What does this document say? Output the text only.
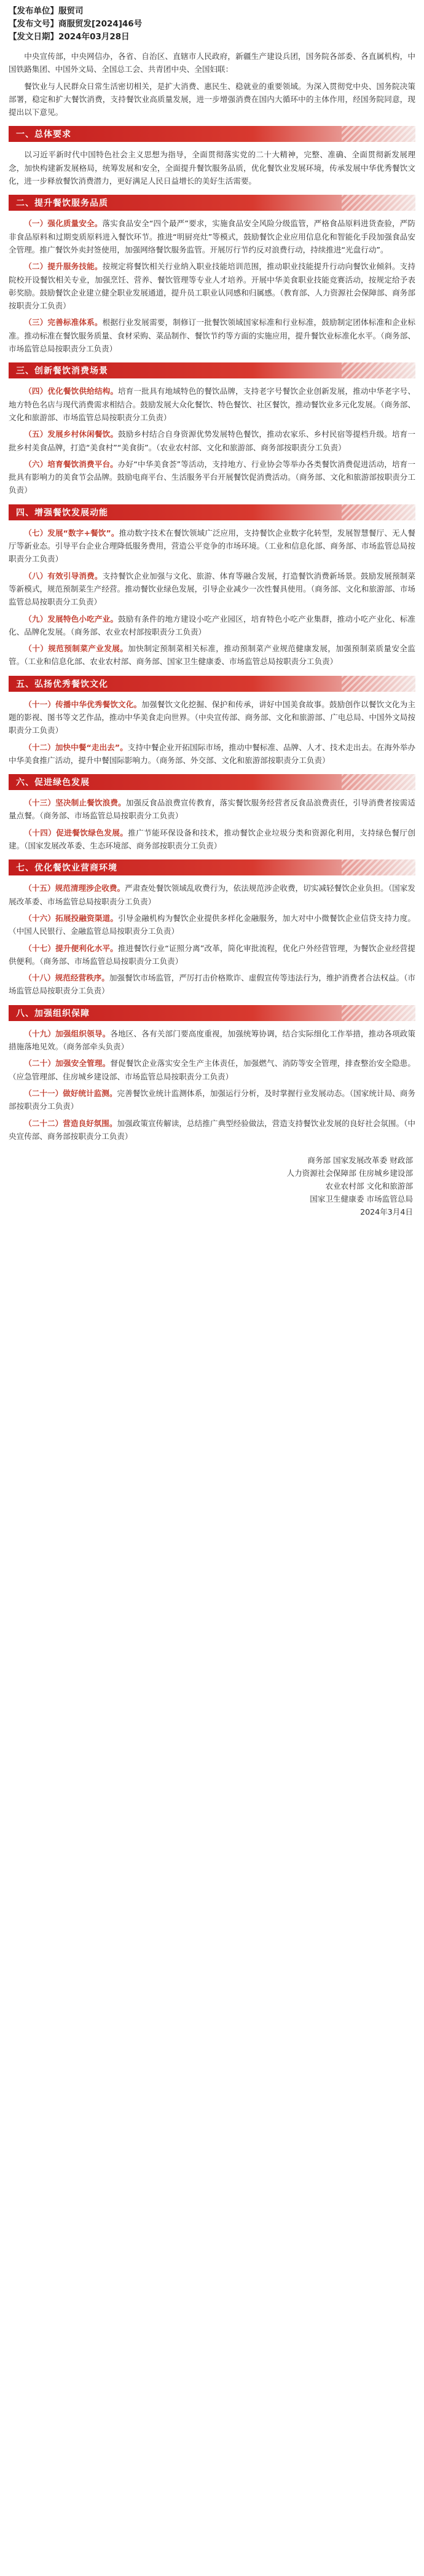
【发布单位】服贸司
【发布文号】商服贸发[2024]46号
【发文日期】2024年03月28日

中央宣传部，中央网信办，各省、自治区、直辖市人民政府，新疆生产建设兵团，国务院各部委、各直属机构，中国铁路集团、中国外文局、全国总工会、共青团中央、全国妇联：

餐饮业与人民群众日常生活密切相关，是扩大消费、惠民生、稳就业的重要领域。为深入贯彻党中央、国务院决策部署，稳定和扩大餐饮消费，支持餐饮业高质量发展，进一步增强消费在国内大循环中的主体作用，经国务院同意，现提出以下意见。

一、总体要求

以习近平新时代中国特色社会主义思想为指导，全面贯彻落实党的二十大精神，完整、准确、全面贯彻新发展理念，加快构建新发展格局，统筹发展和安全，全面提升餐饮服务品质，优化餐饮业发展环境，传承发展中华优秀餐饮文化，进一步释放餐饮消费潜力，更好满足人民日益增长的美好生活需要。

二、提升餐饮服务品质

（一）强化质量安全。落实食品安全“四个最严”要求，实施食品安全风险分级监管，严格食品原料进货查验，严防非食品原料和过期变质原料进入餐饮环节。推进“明厨亮灶”等模式，鼓励餐饮企业应用信息化和智能化手段加强食品安全管理。推广餐饮外卖封签使用，加强网络餐饮服务监管。开展厉行节约反对浪费行动，持续推进“光盘行动”。

（二）提升服务技能。按规定将餐饮相关行业纳入职业技能培训范围，推动职业技能提升行动向餐饮业倾斜。支持院校开设餐饮相关专业，加强烹饪、营养、餐饮管理等专业人才培养。开展中华美食职业技能竞赛活动，按规定给予表彰奖励。鼓励餐饮企业建立健全职业发展通道，提升员工职业认同感和归属感。（教育部、人力资源社会保障部、商务部按职责分工负责）

（三）完善标准体系。根据行业发展需要，制修订一批餐饮领域国家标准和行业标准，鼓励制定团体标准和企业标准。推动标准在餐饮服务质量、食材采购、菜品制作、餐饮节约等方面的实施应用，提升餐饮业标准化水平。（商务部、市场监管总局按职责分工负责）

三、创新餐饮消费场景

（四）优化餐饮供给结构。培育一批具有地域特色的餐饮品牌，支持老字号餐饮企业创新发展，推动中华老字号、地方特色名店与现代消费需求相结合。鼓励发展大众化餐饮、特色餐饮、社区餐饮，推动餐饮业多元化发展。（商务部、文化和旅游部、市场监管总局按职责分工负责）

（五）发展乡村休闲餐饮。鼓励乡村结合自身资源优势发展特色餐饮，推动农家乐、乡村民宿等提档升级。培育一批乡村美食品牌，打造“美食村”“美食街”。（农业农村部、文化和旅游部、商务部按职责分工负责）

（六）培育餐饮消费平台。办好“中华美食荟”等活动，支持地方、行业协会等举办各类餐饮消费促进活动，培育一批具有影响力的美食节会品牌。鼓励电商平台、生活服务平台开展餐饮促消费活动。（商务部、文化和旅游部按职责分工负责）

四、增强餐饮发展动能

（七）发展“数字+餐饮”。推动数字技术在餐饮领域广泛应用，支持餐饮企业数字化转型，发展智慧餐厅、无人餐厅等新业态。引导平台企业合理降低服务费用，营造公平竞争的市场环境。（工业和信息化部、商务部、市场监管总局按职责分工负责）

（八）有效引导消费。支持餐饮企业加强与文化、旅游、体育等融合发展，打造餐饮消费新场景。鼓励发展预制菜等新模式，规范预制菜生产经营。推动餐饮业绿色发展，引导企业减少一次性餐具使用。（商务部、文化和旅游部、市场监管总局按职责分工负责）

（九）发展特色小吃产业。鼓励有条件的地方建设小吃产业园区，培育特色小吃产业集群，推动小吃产业化、标准化、品牌化发展。（商务部、农业农村部按职责分工负责）

（十）规范预制菜产业发展。加快制定预制菜相关标准，推动预制菜产业规范健康发展，加强预制菜质量安全监管。（工业和信息化部、农业农村部、商务部、国家卫生健康委、市场监管总局按职责分工负责）

五、弘扬优秀餐饮文化

（十一）传播中华优秀餐饮文化。加强餐饮文化挖掘、保护和传承，讲好中国美食故事。鼓励创作以餐饮文化为主题的影视、图书等文艺作品，推动中华美食走向世界。（中央宣传部、商务部、文化和旅游部、广电总局、中国外文局按职责分工负责）

（十二）加快中餐“走出去”。支持中餐企业开拓国际市场，推动中餐标准、品牌、人才、技术走出去。在海外举办中华美食推广活动，提升中餐国际影响力。（商务部、外交部、文化和旅游部按职责分工负责）

六、促进绿色发展

（十三）坚决制止餐饮浪费。加强反食品浪费宣传教育，落实餐饮服务经营者反食品浪费责任，引导消费者按需适量点餐。（商务部、市场监管总局按职责分工负责）

（十四）促进餐饮绿色发展。推广节能环保设备和技术，推动餐饮企业垃圾分类和资源化利用，支持绿色餐厅创建。（国家发展改革委、生态环境部、商务部按职责分工负责）

七、优化餐饮业营商环境

（十五）规范清理涉企收费。严肃查处餐饮领域乱收费行为，依法规范涉企收费，切实减轻餐饮企业负担。（国家发展改革委、市场监管总局按职责分工负责）

（十六）拓展投融资渠道。引导金融机构为餐饮企业提供多样化金融服务，加大对中小微餐饮企业信贷支持力度。（中国人民银行、金融监管总局按职责分工负责）

（十七）提升便利化水平。推进餐饮行业“证照分离”改革，简化审批流程，优化户外经营管理，为餐饮企业经营提供便利。（商务部、市场监管总局按职责分工负责）

（十八）规范经营秩序。加强餐饮市场监管，严厉打击价格欺诈、虚假宣传等违法行为，维护消费者合法权益。（市场监管总局按职责分工负责）

八、加强组织保障

（十九）加强组织领导。各地区、各有关部门要高度重视，加强统筹协调，结合实际细化工作举措，推动各项政策措施落地见效。（商务部牵头负责）

（二十）加强安全管理。督促餐饮企业落实安全生产主体责任，加强燃气、消防等安全管理，排查整治安全隐患。（应急管理部、住房城乡建设部、市场监管总局按职责分工负责）

（二十一）做好统计监测。完善餐饮业统计监测体系，加强运行分析，及时掌握行业发展动态。（国家统计局、商务部按职责分工负责）

（二十二）营造良好氛围。加强政策宣传解读，总结推广典型经验做法，营造支持餐饮业发展的良好社会氛围。（中央宣传部、商务部按职责分工负责）

商务部 国家发展改革委 财政部
人力资源社会保障部 住房城乡建设部
农业农村部 文化和旅游部
国家卫生健康委 市场监管总局
2024年3月4日
